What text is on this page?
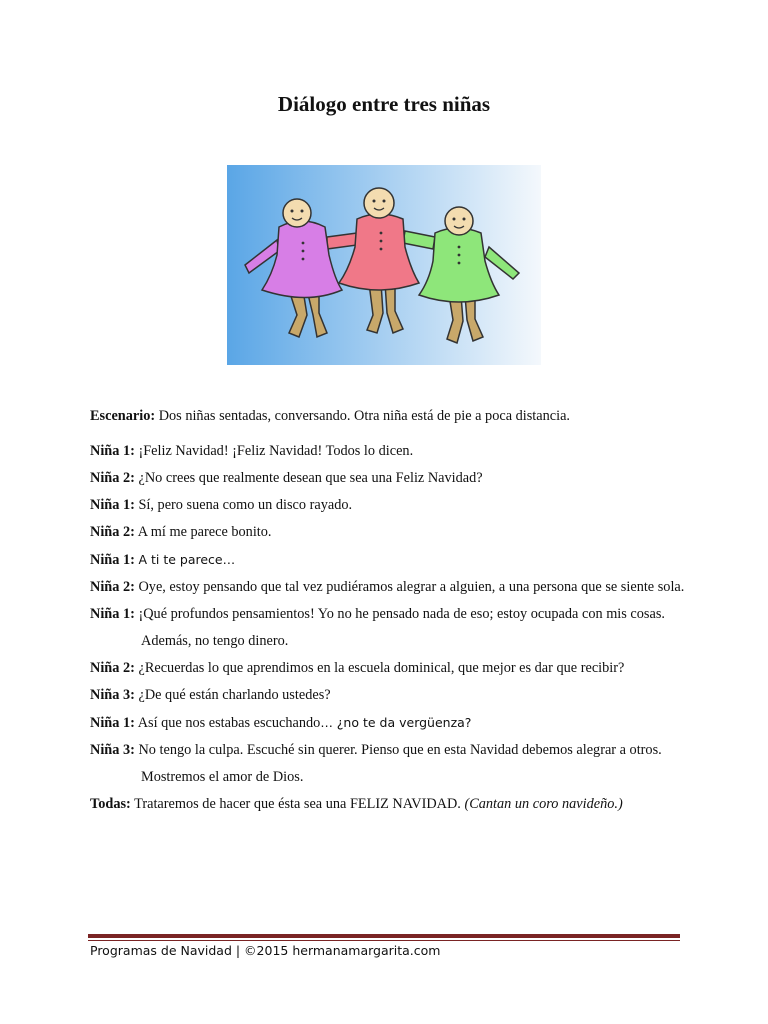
Diálogo entre tres niñas

Escenario: Dos niñas sentadas, conversando. Otra niña está de pie a poca distancia.

Niña 1: ¡Feliz Navidad! ¡Feliz Navidad! Todos lo dicen.

Niña 2: ¿No crees que realmente desean que sea una Feliz Navidad?

Niña 1: Sí, pero suena como un disco rayado.

Niña 2: A mí me parece bonito.

Niña 1: A ti te parece…

Niña 2: Oye, estoy pensando que tal vez pudiéramos alegrar a alguien, a una persona que se siente sola.

Niña 1: ¡Qué profundos pensamientos! Yo no he pensado nada de eso; estoy ocupada con mis cosas. Además, no tengo dinero.

Niña 2: ¿Recuerdas lo que aprendimos en la escuela dominical, que mejor es dar que recibir?

Niña 3: ¿De qué están charlando ustedes?

Niña 1: Así que nos estabas escuchando… ¿no te da vergüenza?

Niña 3: No tengo la culpa. Escuché sin querer. Pienso que en esta Navidad debemos alegrar a otros. Mostremos el amor de Dios.

Todas: Trataremos de hacer que ésta sea una FELIZ NAVIDAD. (Cantan un coro navideño.)

Programas de Navidad | ©2015 hermanamargarita.com
